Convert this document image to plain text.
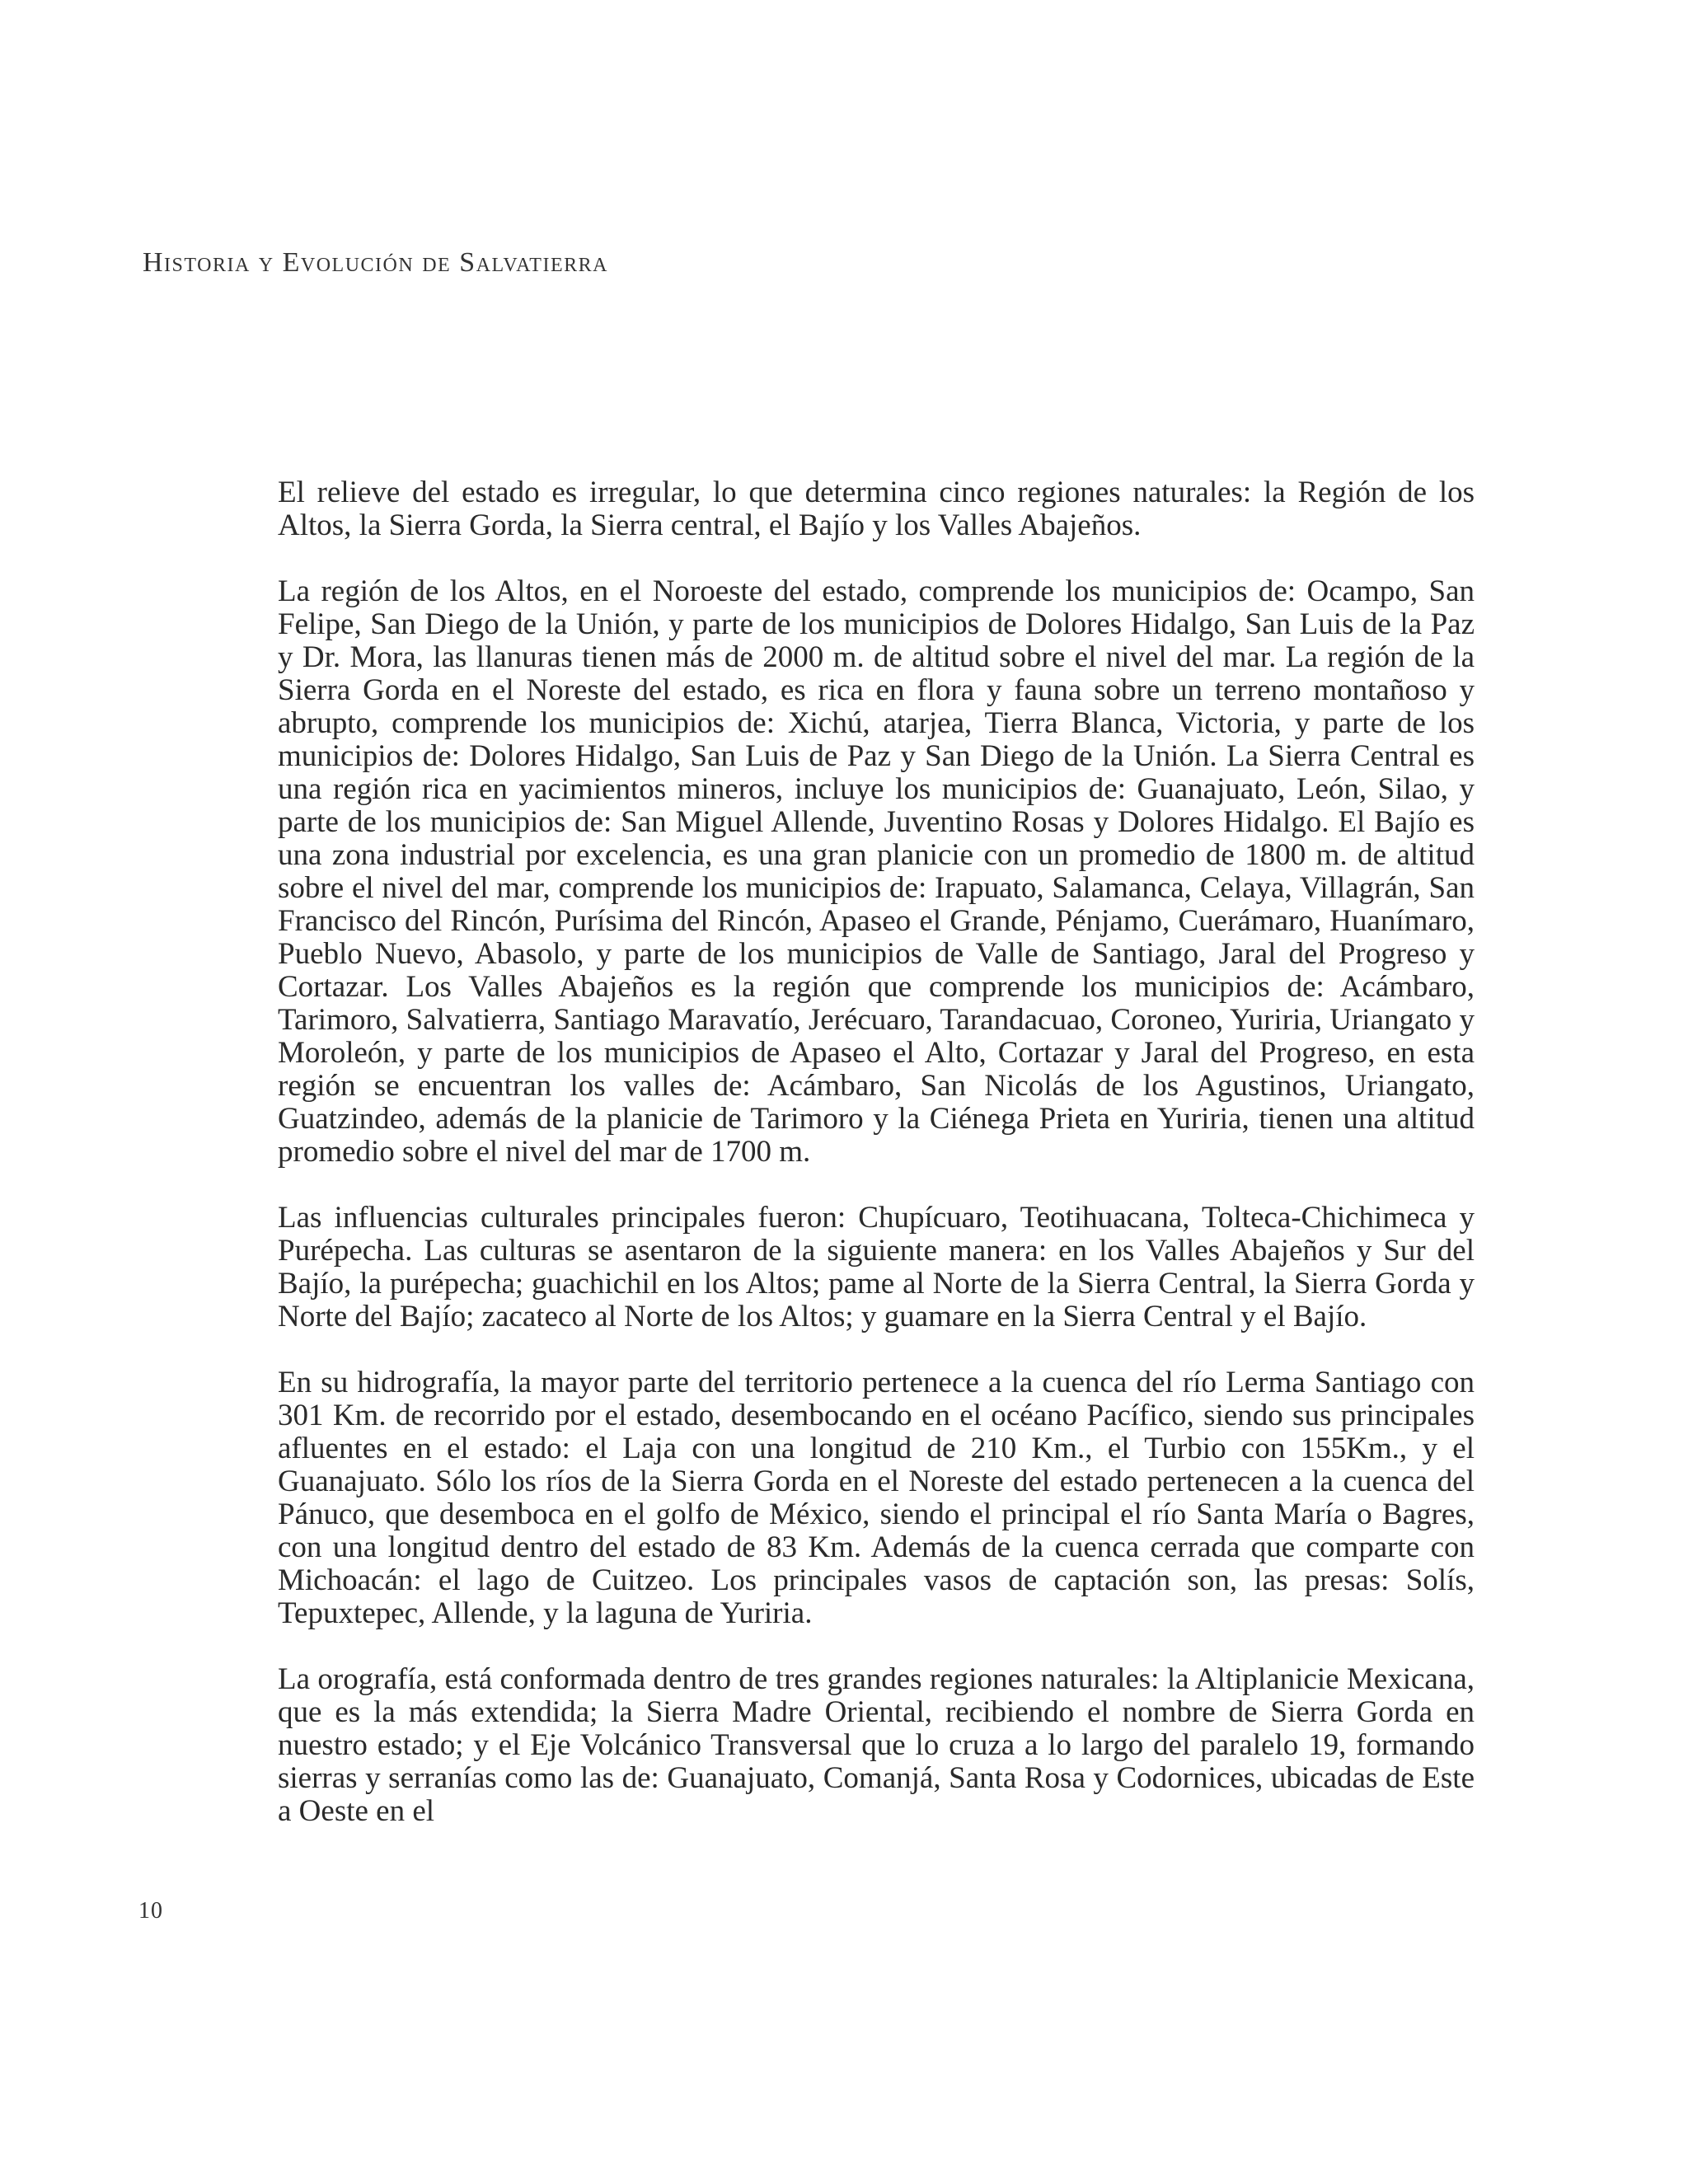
Historia y Evolución de Salvatierra

El relieve del estado es irregular, lo que determina cinco regiones naturales: la Región de los Altos, la Sierra Gorda, la Sierra central, el Bajío y los Valles Abajeños.

La región de los Altos, en el Noroeste del estado, comprende los municipios de: Ocampo, San Felipe, San Diego de la Unión, y parte de los municipios de Dolores Hidalgo, San Luis de la Paz y Dr. Mora, las llanuras tienen más de 2000 m. de altitud sobre el nivel del mar. La región de la Sierra Gorda en el Noreste del estado, es rica en flora y fauna sobre un terreno montañoso y abrupto, comprende los municipios de: Xichú, atarjea, Tierra Blanca, Victoria, y parte de los municipios de: Dolores Hidalgo, San Luis de Paz y San Diego de la Unión. La Sierra Central es una región rica en yacimientos mineros, incluye los municipios de: Guanajuato, León, Silao, y parte de los municipios de: San Miguel Allende, Juventino Rosas y Dolores Hidalgo. El Bajío es una zona industrial por excelencia, es una gran planicie con un promedio de 1800 m. de altitud sobre el nivel del mar, comprende los municipios de: Irapuato, Salamanca, Celaya, Villagrán, San Francisco del Rincón, Purísima del Rincón, Apaseo el Grande, Pénjamo, Cuerámaro, Huanímaro, Pueblo Nuevo, Abasolo, y parte de los municipios de Valle de Santiago, Jaral del Progreso y Cortazar. Los Valles Abajeños es la región que comprende los municipios de: Acámbaro, Tarimoro, Salvatierra, Santiago Maravatío, Jerécuaro, Tarandacuao, Coroneo, Yuriria, Uriangato y Moroleón, y parte de los municipios de Apaseo el Alto, Cortazar y Jaral del Progreso, en esta región se encuentran los valles de: Acámbaro, San Nicolás de los Agustinos, Uriangato, Guatzindeo, además de la planicie de Tarimoro y la Ciénega Prieta en Yuriria, tienen una altitud promedio sobre el nivel del mar de 1700 m.

Las influencias culturales principales fueron: Chupícuaro, Teotihuacana, Tolteca-Chichimeca y Purépecha. Las culturas se asentaron de la siguiente manera: en los Valles Abajeños y Sur del Bajío, la purépecha; guachichil en los Altos; pame al Norte de la Sierra Central, la Sierra Gorda y Norte del Bajío; zacateco al Norte de los Altos; y guamare en la Sierra Central y el Bajío.

En su hidrografía, la mayor parte del territorio pertenece a la cuenca del río Lerma Santiago con 301 Km. de recorrido por el estado, desembocando en el océano Pacífico, siendo sus principales afluentes en el estado: el Laja con una longitud de 210 Km., el Turbio con 155Km., y el Guanajuato. Sólo los ríos de la Sierra Gorda en el Noreste del estado pertenecen a la cuenca del Pánuco, que desemboca en el golfo de México, siendo el principal el río Santa María o Bagres, con una longitud dentro del estado de 83 Km. Además de la cuenca cerrada que comparte con Michoacán: el lago de Cuitzeo. Los principales vasos de captación son, las presas: Solís, Tepuxtepec, Allende, y la laguna de Yuriria.

La orografía, está conformada dentro de tres grandes regiones naturales: la Altiplanicie Mexicana, que es la más extendida; la Sierra Madre Oriental, recibiendo el nombre de Sierra Gorda en nuestro estado; y el Eje Volcánico Transversal que lo cruza a lo largo del paralelo 19, formando sierras y serranías como las de: Guanajuato, Comanjá, Santa Rosa y Codornices, ubicadas de Este a Oeste en el

10
